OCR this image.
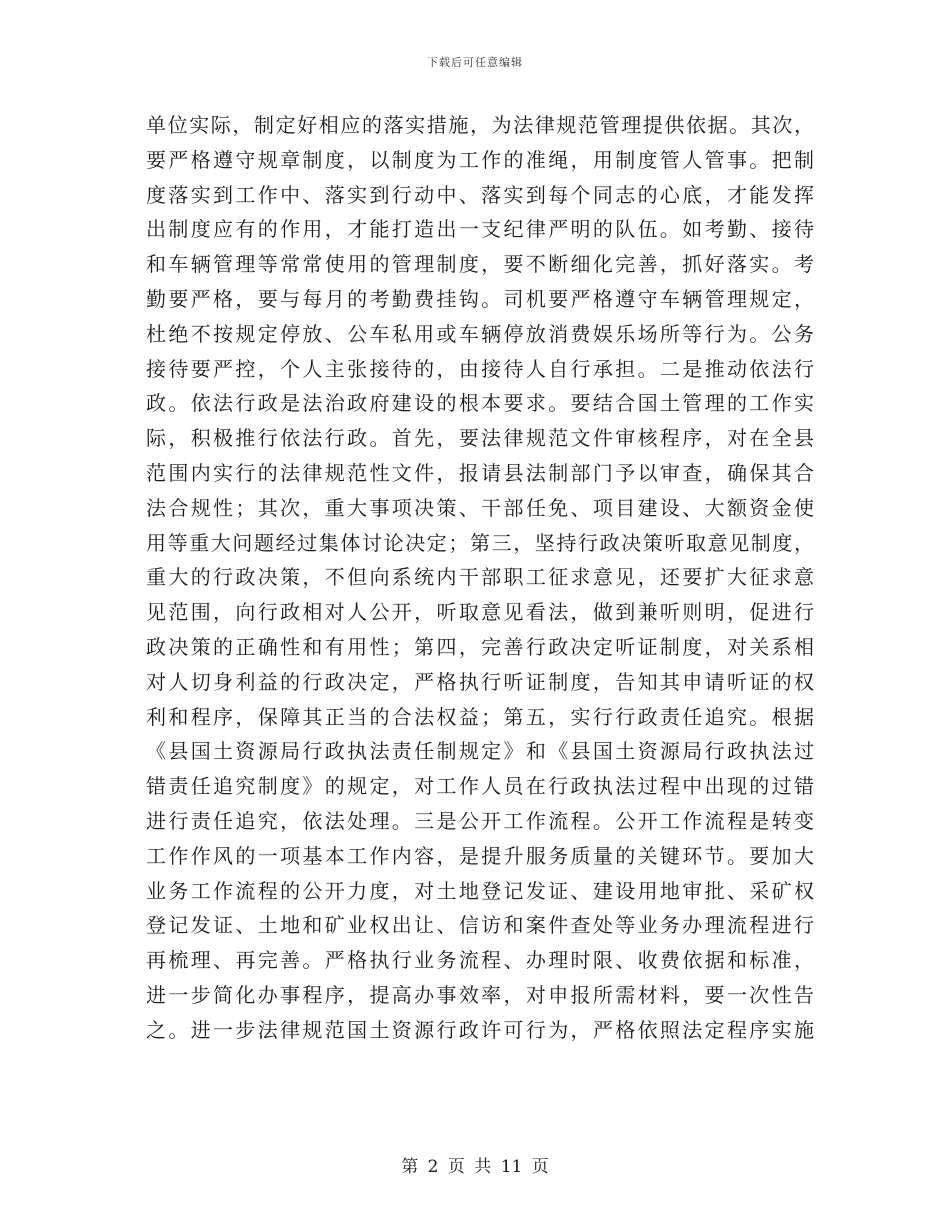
下载后可任意编辑
单位实际，制定好相应的落实措施，为法律规范管理提供依据。其次，
要严格遵守规章制度，以制度为工作的准绳，用制度管人管事。把制
度落实到工作中、落实到行动中、落实到每个同志的心底，才能发挥
出制度应有的作用，才能打造出一支纪律严明的队伍。如考勤、接待
和车辆管理等常常使用的管理制度，要不断细化完善，抓好落实。考
勤要严格，要与每月的考勤费挂钩。司机要严格遵守车辆管理规定，
杜绝不按规定停放、公车私用或车辆停放消费娱乐场所等行为。公务
接待要严控，个人主张接待的，由接待人自行承担。二是推动依法行
政。依法行政是法治政府建设的根本要求。要结合国土管理的工作实
际，积极推行依法行政。首先，要法律规范文件审核程序，对在全县
范围内实行的法律规范性文件，报请县法制部门予以审查，确保其合
法合规性；其次，重大事项决策、干部任免、项目建设、大额资金使
用等重大问题经过集体讨论决定；第三，坚持行政决策听取意见制度，
重大的行政决策，不但向系统内干部职工征求意见，还要扩大征求意
见范围，向行政相对人公开，听取意见看法，做到兼听则明，促进行
政决策的正确性和有用性；第四，完善行政决定听证制度，对关系相
对人切身利益的行政决定，严格执行听证制度，告知其申请听证的权
利和程序，保障其正当的合法权益；第五，实行行政责任追究。根据
《县国土资源局行政执法责任制规定》和《县国土资源局行政执法过
错责任追究制度》的规定，对工作人员在行政执法过程中出现的过错
进行责任追究，依法处理。三是公开工作流程。公开工作流程是转变
工作作风的一项基本工作内容，是提升服务质量的关键环节。要加大
业务工作流程的公开力度，对土地登记发证、建设用地审批、采矿权
登记发证、土地和矿业权出让、信访和案件查处等业务办理流程进行
再梳理、再完善。严格执行业务流程、办理时限、收费依据和标准，
进一步简化办事程序，提高办事效率，对申报所需材料，要一次性告
之。进一步法律规范国土资源行政许可行为，严格依照法定程序实施
第 2 页 共 11 页
